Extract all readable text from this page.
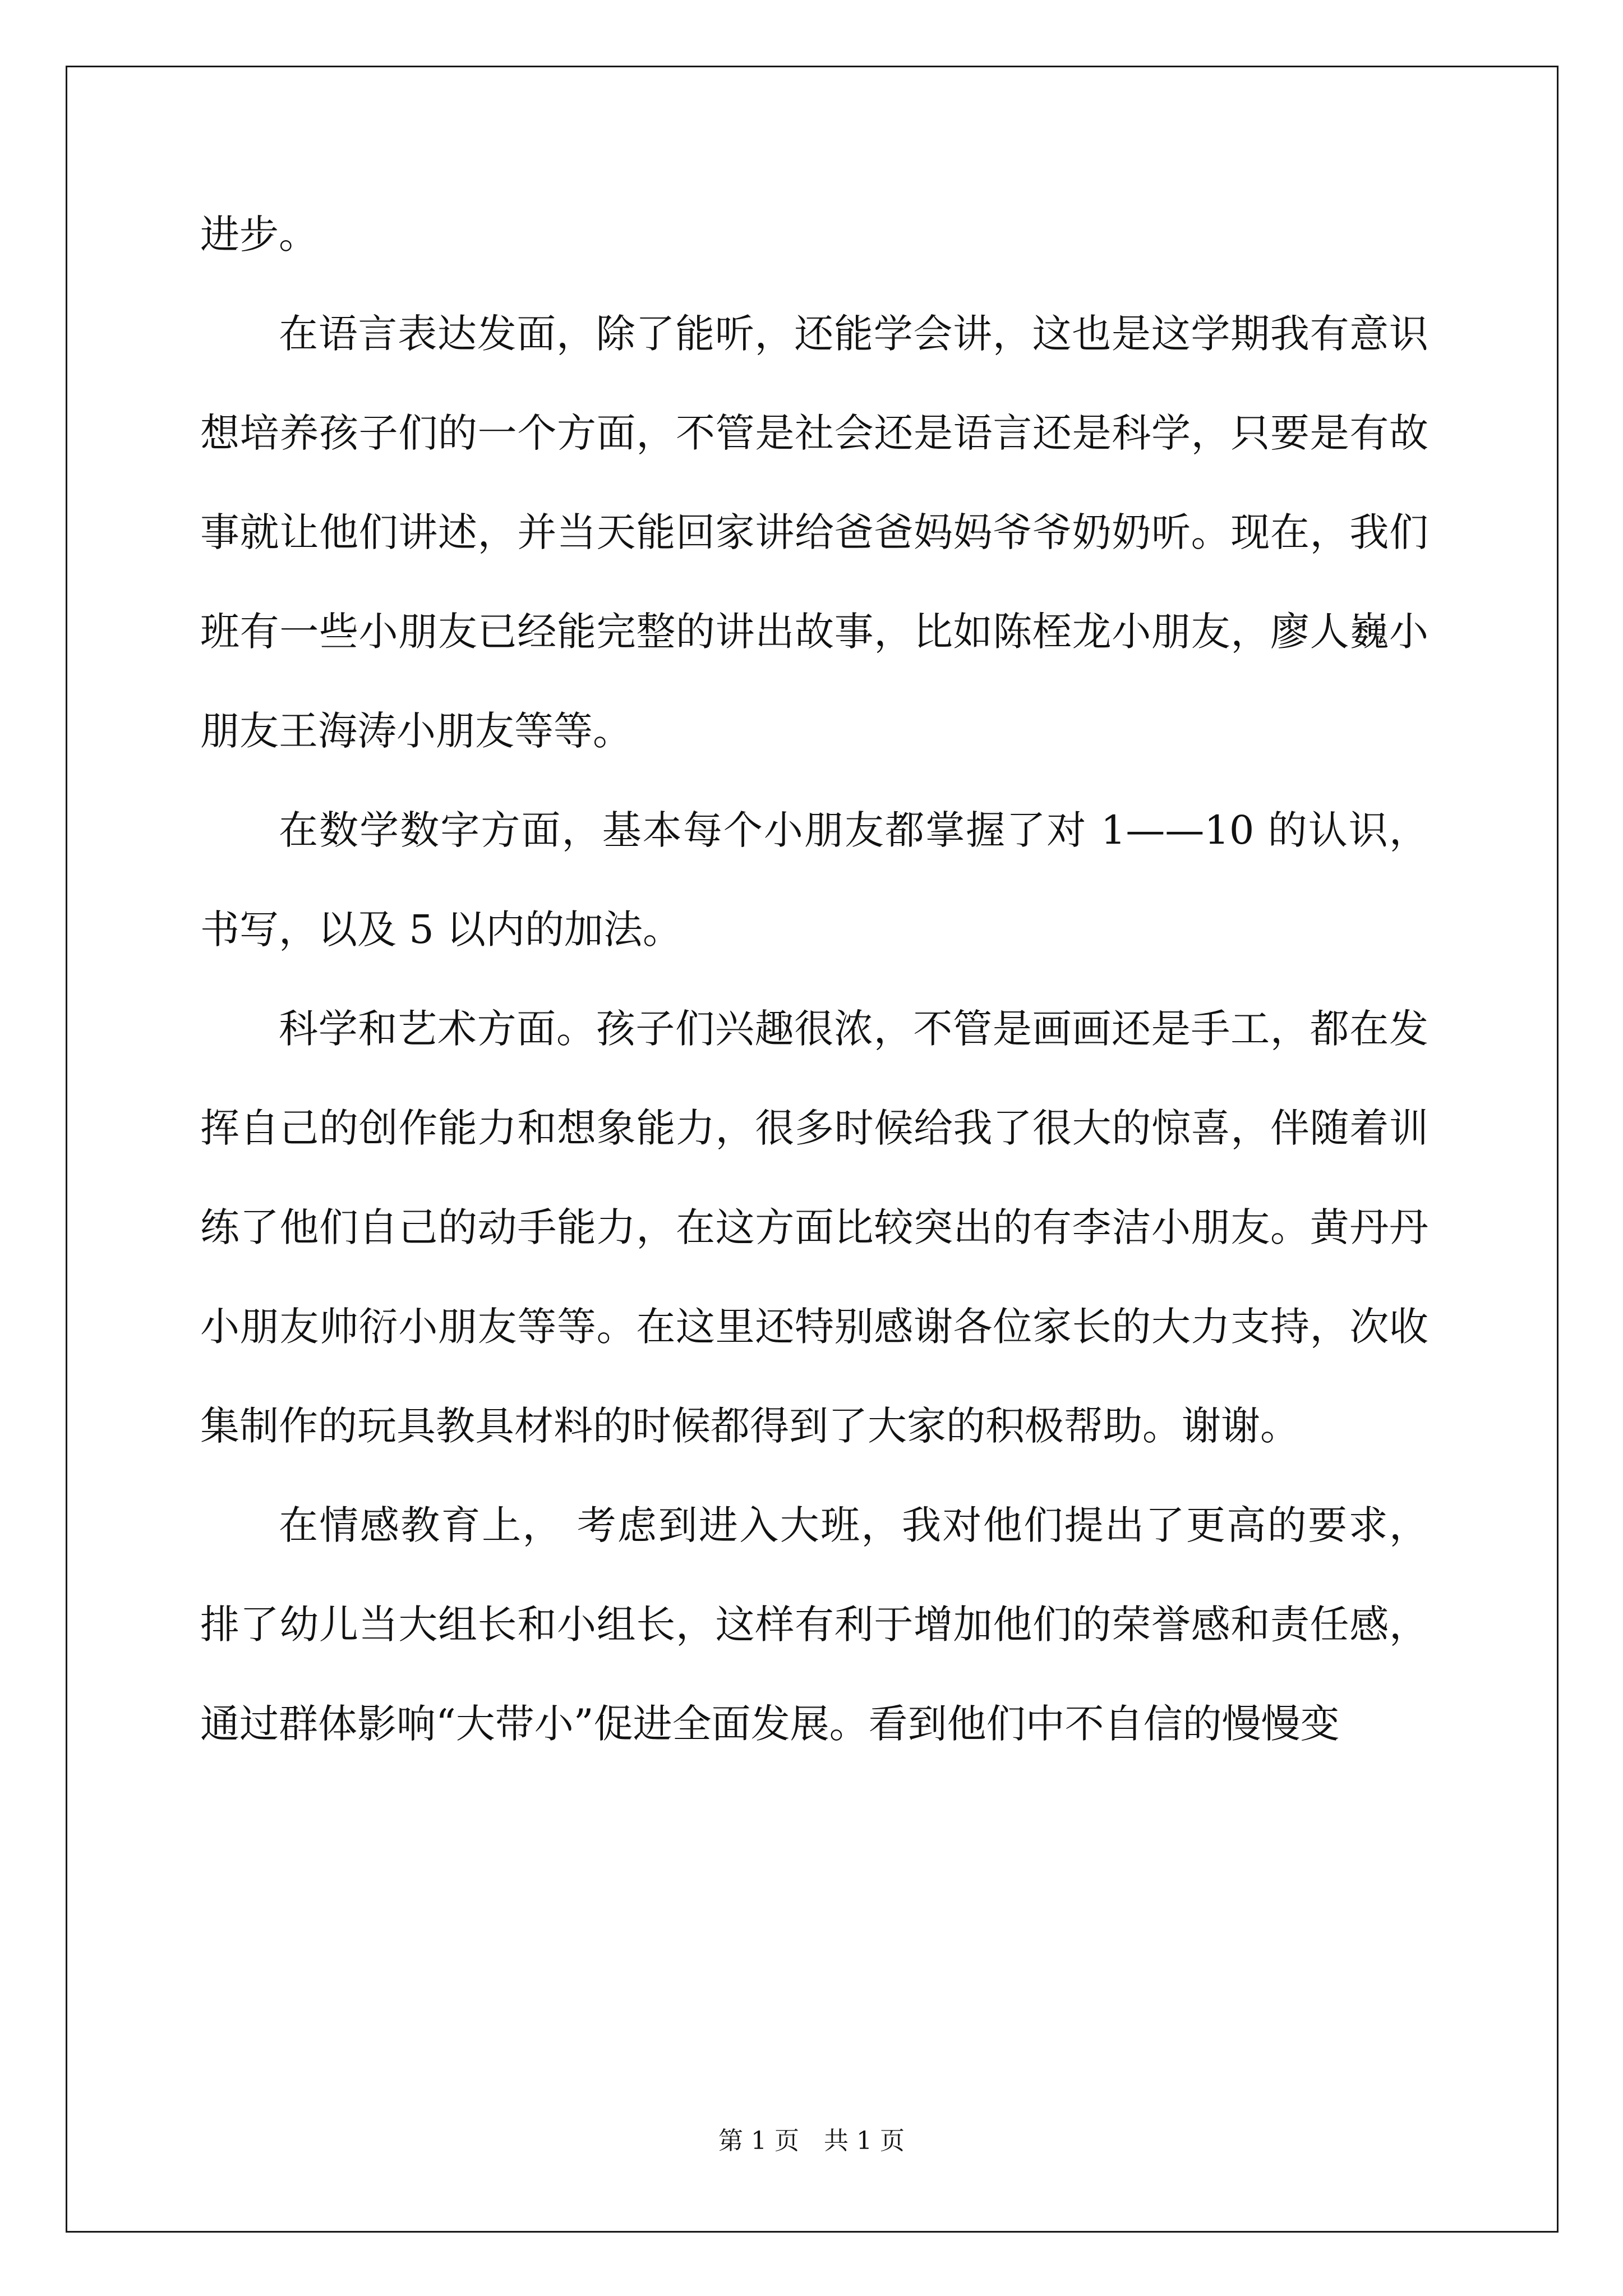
进步。

在语言表达发面，除了能听，还能学会讲，这也是这学期我有意识想培养孩子们的一个方面，不管是社会还是语言还是科学，只要是有故事就让他们讲述，并当天能回家讲给爸爸妈妈爷爷奶奶听。现在，我们班有一些小朋友已经能完整的讲出故事，比如陈桎龙小朋友，廖人巍小朋友王海涛小朋友等等。

在数学数字方面，基本每个小朋友都掌握了对 1——10 的认识，书写，以及 5 以内的加法。

科学和艺术方面。孩子们兴趣很浓，不管是画画还是手工，都在发挥自己的创作能力和想象能力，很多时候给我了很大的惊喜，伴随着训练了他们自己的动手能力，在这方面比较突出的有李洁小朋友。黄丹丹小朋友帅衍小朋友等等。在这里还特别感谢各位家长的大力支持，次收集制作的玩具教具材料的时候都得到了大家的积极帮助。谢谢。

在情感教育上， 考虑到进入大班，我对他们提出了更高的要求，排了幼儿当大组长和小组长，这样有利于增加他们的荣誉感和责任感，通过群体影响“大带小”促进全面发展。看到他们中不自信的慢慢变

第 1 页　共 1 页
